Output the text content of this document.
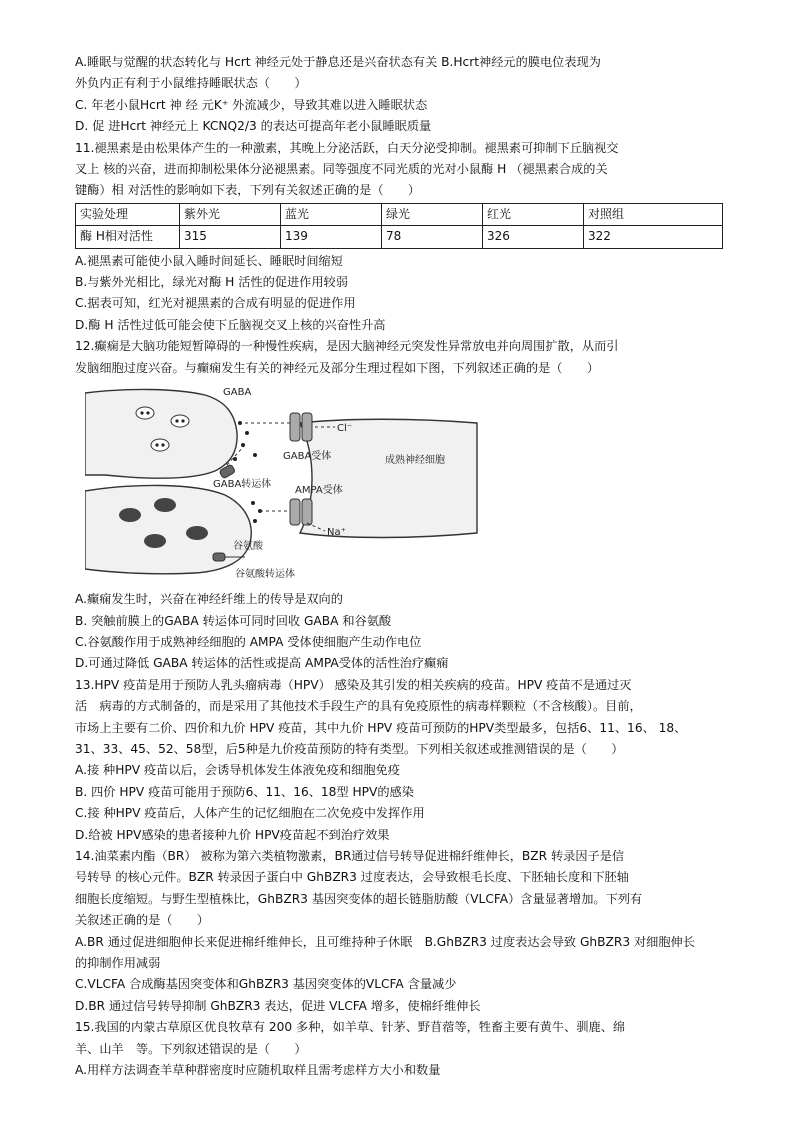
A.睡眠与觉醒的状态转化与 Hcrt 神经元处于静息还是兴奋状态有关 B.Hcrt神经元的膜电位表现为
外负内正有利于小鼠维持睡眠状态（　　）
C. 年老小鼠Hcrt 神 经 元K⁺ 外流减少，导致其难以进入睡眠状态
D. 促 进Hcrt 神经元上 KCNQ2/3 的表达可提高年老小鼠睡眠质量
11.褪黑素是由松果体产生的一种激素，其晚上分泌活跃，白天分泌受抑制。褪黑素可抑制下丘脑视交
叉上 核的兴奋，进而抑制松果体分泌褪黑素。同等强度不同光质的光对小鼠酶 H （褪黑素合成的关
键酶）相 对活性的影响如下表，下列有关叙述正确的是（　　）
实验处理	紫外光	蓝光	绿光	红光	对照组
酶 H相对活性	315	139	78	326	322
A.褪黑素可能使小鼠入睡时间延长、睡眠时间缩短
B.与紫外光相比，绿光对酶 H 活性的促进作用较弱
C.据表可知，红光对褪黑素的合成有明显的促进作用
D.酶 H 活性过低可能会使下丘脑视交叉上核的兴奋性升高
12.癫痫是大脑功能短暂障碍的一种慢性疾病，是因大脑神经元突发性异常放电并向周围扩散，从而引
发脑细胞过度兴奋。与癫痫发生有关的神经元及部分生理过程如下图，下列叙述正确的是（　　）
GABA
Cl⁻
GABA受体	成熟神经细胞
GABA转运体
AMPA受体
Na⁺
谷氨酸
谷氨酸转运体
A.癫痫发生时，兴奋在神经纤维上的传导是双向的
B. 突触前膜上的GABA 转运体可同时回收 GABA 和谷氨酸
C.谷氨酸作用于成熟神经细胞的 AMPA 受体使细胞产生动作电位
D.可通过降低 GABA 转运体的活性或提高 AMPA受体的活性治疗癫痫
13.HPV 疫苗是用于预防人乳头瘤病毒（HPV） 感染及其引发的相关疾病的疫苗。HPV 疫苗不是通过灭
活　病毒的方式制备的，而是采用了其他技术手段生产的具有免疫原性的病毒样颗粒（不含核酸）。目前，
市场上主要有二价、四价和九价 HPV 疫苗，其中九价 HPV 疫苗可预防的HPV类型最多，包括6、11、16、 18、
31、33、45、52、58型，后5种是九价疫苗预防的特有类型。下列相关叙述或推测错误的是（　　）
A.接 种HPV 疫苗以后，会诱导机体发生体液免疫和细胞免疫
B. 四价 HPV 疫苗可能用于预防6、11、16、18型 HPV的感染
C.接 种HPV 疫苗后，人体产生的记忆细胞在二次免疫中发挥作用
D.给被 HPV感染的患者接种九价 HPV疫苗起不到治疗效果
14.油菜素内酯（BR） 被称为第六类植物激素，BR通过信号转导促进棉纤维伸长，BZR 转录因子是信
号转导 的核心元件。BZR 转录因子蛋白中 GhBZR3 过度表达，会导致根毛长度、下胚轴长度和下胚轴
细胞长度缩短。与野生型植株比，GhBZR3 基因突变体的超长链脂肪酸（VLCFA）含量显著增加。下列有
关叙述正确的是（　　）
A.BR 通过促进细胞伸长来促进棉纤维伸长，且可维持种子休眠　B.GhBZR3 过度表达会导致 GhBZR3 对细胞伸长
的抑制作用减弱
C.VLCFA 合成酶基因突变体和GhBZR3 基因突变体的VLCFA 含量减少
D.BR 通过信号转导抑制 GhBZR3 表达，促进 VLCFA 增多，使棉纤维伸长
15.我国的内蒙古草原区优良牧草有 200 多种，如羊草、针茅、野苜蓿等，牲畜主要有黄牛、驯鹿、绵
羊、山羊　等。下列叙述错误的是（　　）
A.用样方法调查羊草种群密度时应随机取样且需考虑样方大小和数量
